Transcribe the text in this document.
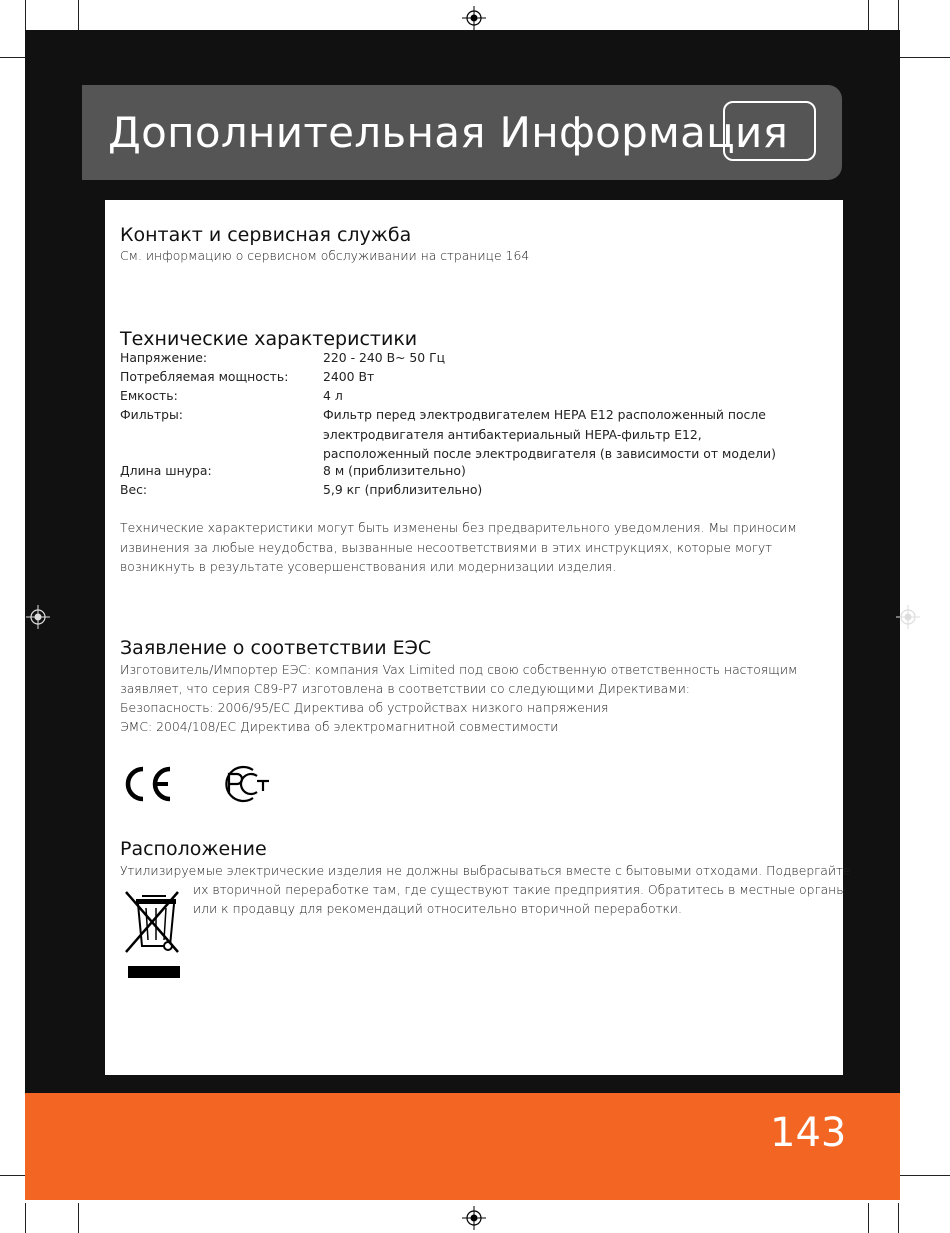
Дополнительная Информация
Контакт и сервисная служба
См. информацию о сервисном обслуживании на странице 164
Технические характеристики
Напряжение:	220 - 240 В~ 50 Гц
Потребляемая мощность:	2400 Вт
Емкость:	4 л
Фильтры:	Фильтр перед электродвигателем HEPA E12 расположенный после электродвигателя антибактериальный HEPA-фильтр E12, расположенный после электродвигателя (в зависимости от модели)
Длина шнура:	8 м (приблизительно)
Вес:	5,9 кг (приблизительно)
Технические характеристики могут быть изменены без предварительного уведомления. Мы приносим извинения за любые неудобства, вызванные несоответствиями в этих инструкциях, которые могут возникнуть в результате усовершенствования или модернизации изделия.
Заявление о соответствии ЕЭС
Изготовитель/Импортер ЕЭС: компания Vax Limited под свою собственную ответственность настоящим
заявляет, что серия C89-P7 изготовлена в соответствии со следующими Директивами:
Безопасность: 2006/95/EC Директива об устройствах низкого напряжения
ЭМС: 2004/108/EC Директива об электромагнитной совместимости
Расположение
Утилизируемые электрические изделия не должны выбрасываться вместе с бытовыми отходами. Подвергайте
их вторичной переработке там, где существуют такие предприятия. Обратитесь в местные органы
или к продавцу для рекомендаций относительно вторичной переработки.
143
